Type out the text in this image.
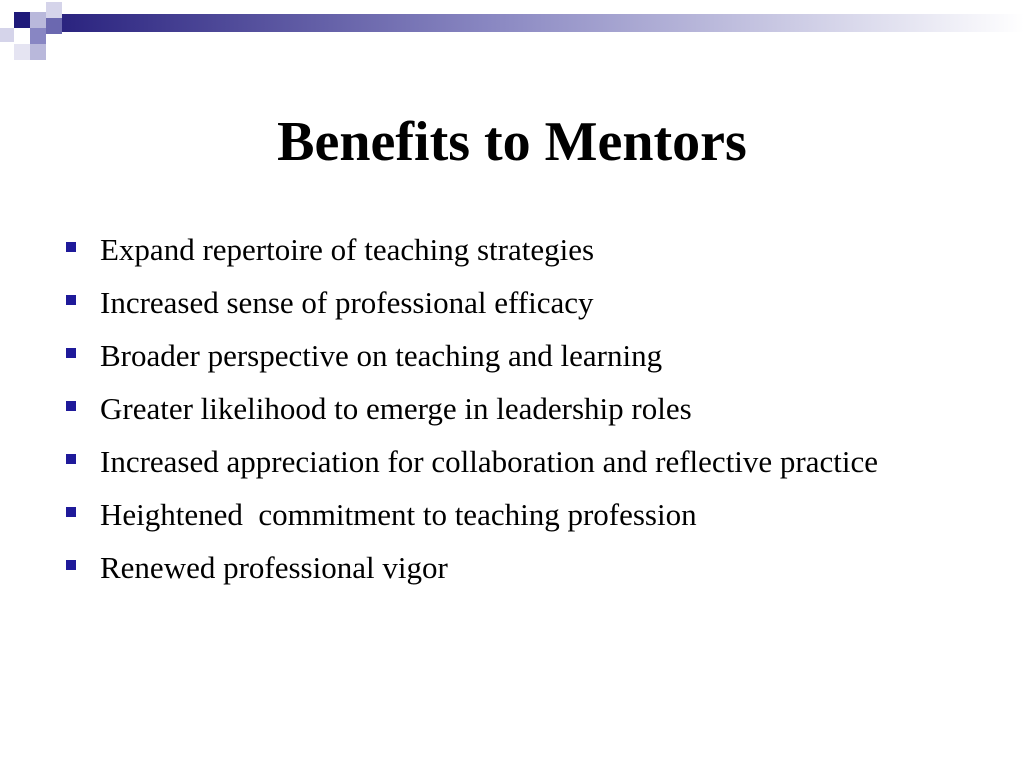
Benefits to Mentors
Expand repertoire of teaching strategies
Increased sense of professional efficacy
Broader perspective on teaching and learning
Greater likelihood to emerge in leadership roles
Increased appreciation for collaboration and reflective practice
Heightened  commitment to teaching profession
Renewed professional vigor
